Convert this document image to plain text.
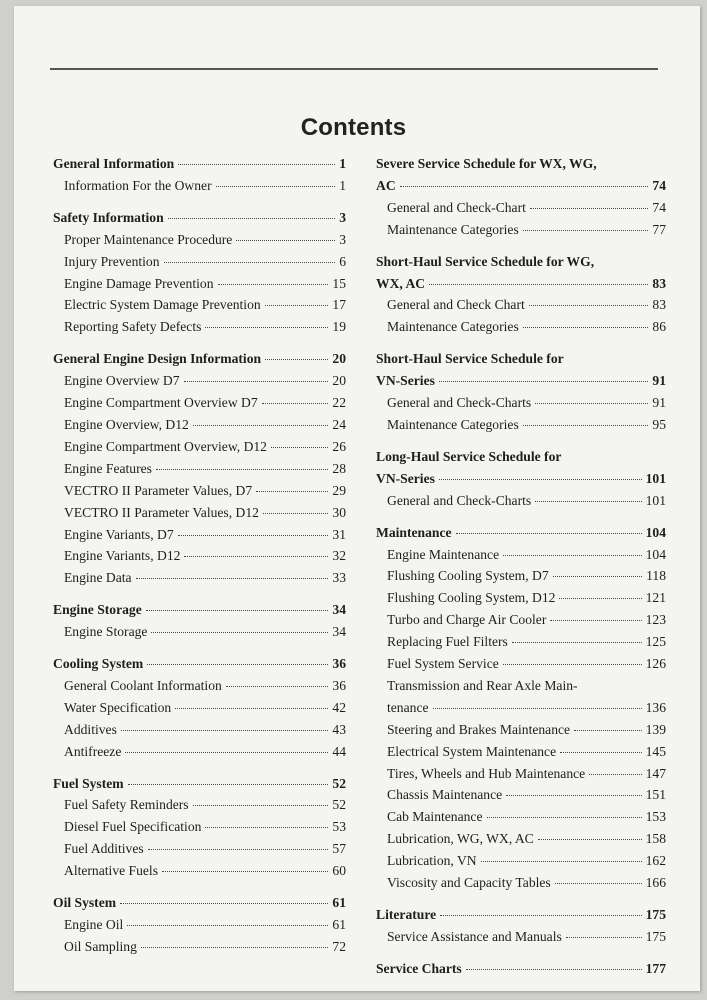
Contents
General Information	1
Information For the Owner	1
Safety Information	3
Proper Maintenance Procedure	3
Injury Prevention	6
Engine Damage Prevention	15
Electric System Damage Prevention	17
Reporting Safety Defects	19
General Engine Design Information	20
Engine Overview D7	20
Engine Compartment Overview D7	22
Engine Overview, D12	24
Engine Compartment Overview, D12	26
Engine Features	28
VECTRO II Parameter Values, D7	29
VECTRO II Parameter Values, D12	30
Engine Variants, D7	31
Engine Variants, D12	32
Engine Data	33
Engine Storage	34
Engine Storage	34
Cooling System	36
General Coolant Information	36
Water Specification	42
Additives	43
Antifreeze	44
Fuel System	52
Fuel Safety Reminders	52
Diesel Fuel Specification	53
Fuel Additives	57
Alternative Fuels	60
Oil System	61
Engine Oil	61
Oil Sampling	72
Severe Service Schedule for WX, WG,
AC	74
General and Check-Chart	74
Maintenance Categories	77
Short-Haul Service Schedule for WG,
WX, AC	83
General and Check Chart	83
Maintenance Categories	86
Short-Haul Service Schedule for
VN-Series	91
General and Check-Charts	91
Maintenance Categories	95
Long-Haul Service Schedule for
VN-Series	101
General and Check-Charts	101
Maintenance	104
Engine Maintenance	104
Flushing Cooling System, D7	118
Flushing Cooling System, D12	121
Turbo and Charge Air Cooler	123
Replacing Fuel Filters	125
Fuel System Service	126
Transmission and Rear Axle Main-
tenance	136
Steering and Brakes Maintenance	139
Electrical System Maintenance	145
Tires, Wheels and Hub Maintenance	147
Chassis Maintenance	151
Cab Maintenance	153
Lubrication, WG, WX, AC	158
Lubrication, VN	162
Viscosity and Capacity Tables	166
Literature	175
Service Assistance and Manuals	175
Service Charts	177
